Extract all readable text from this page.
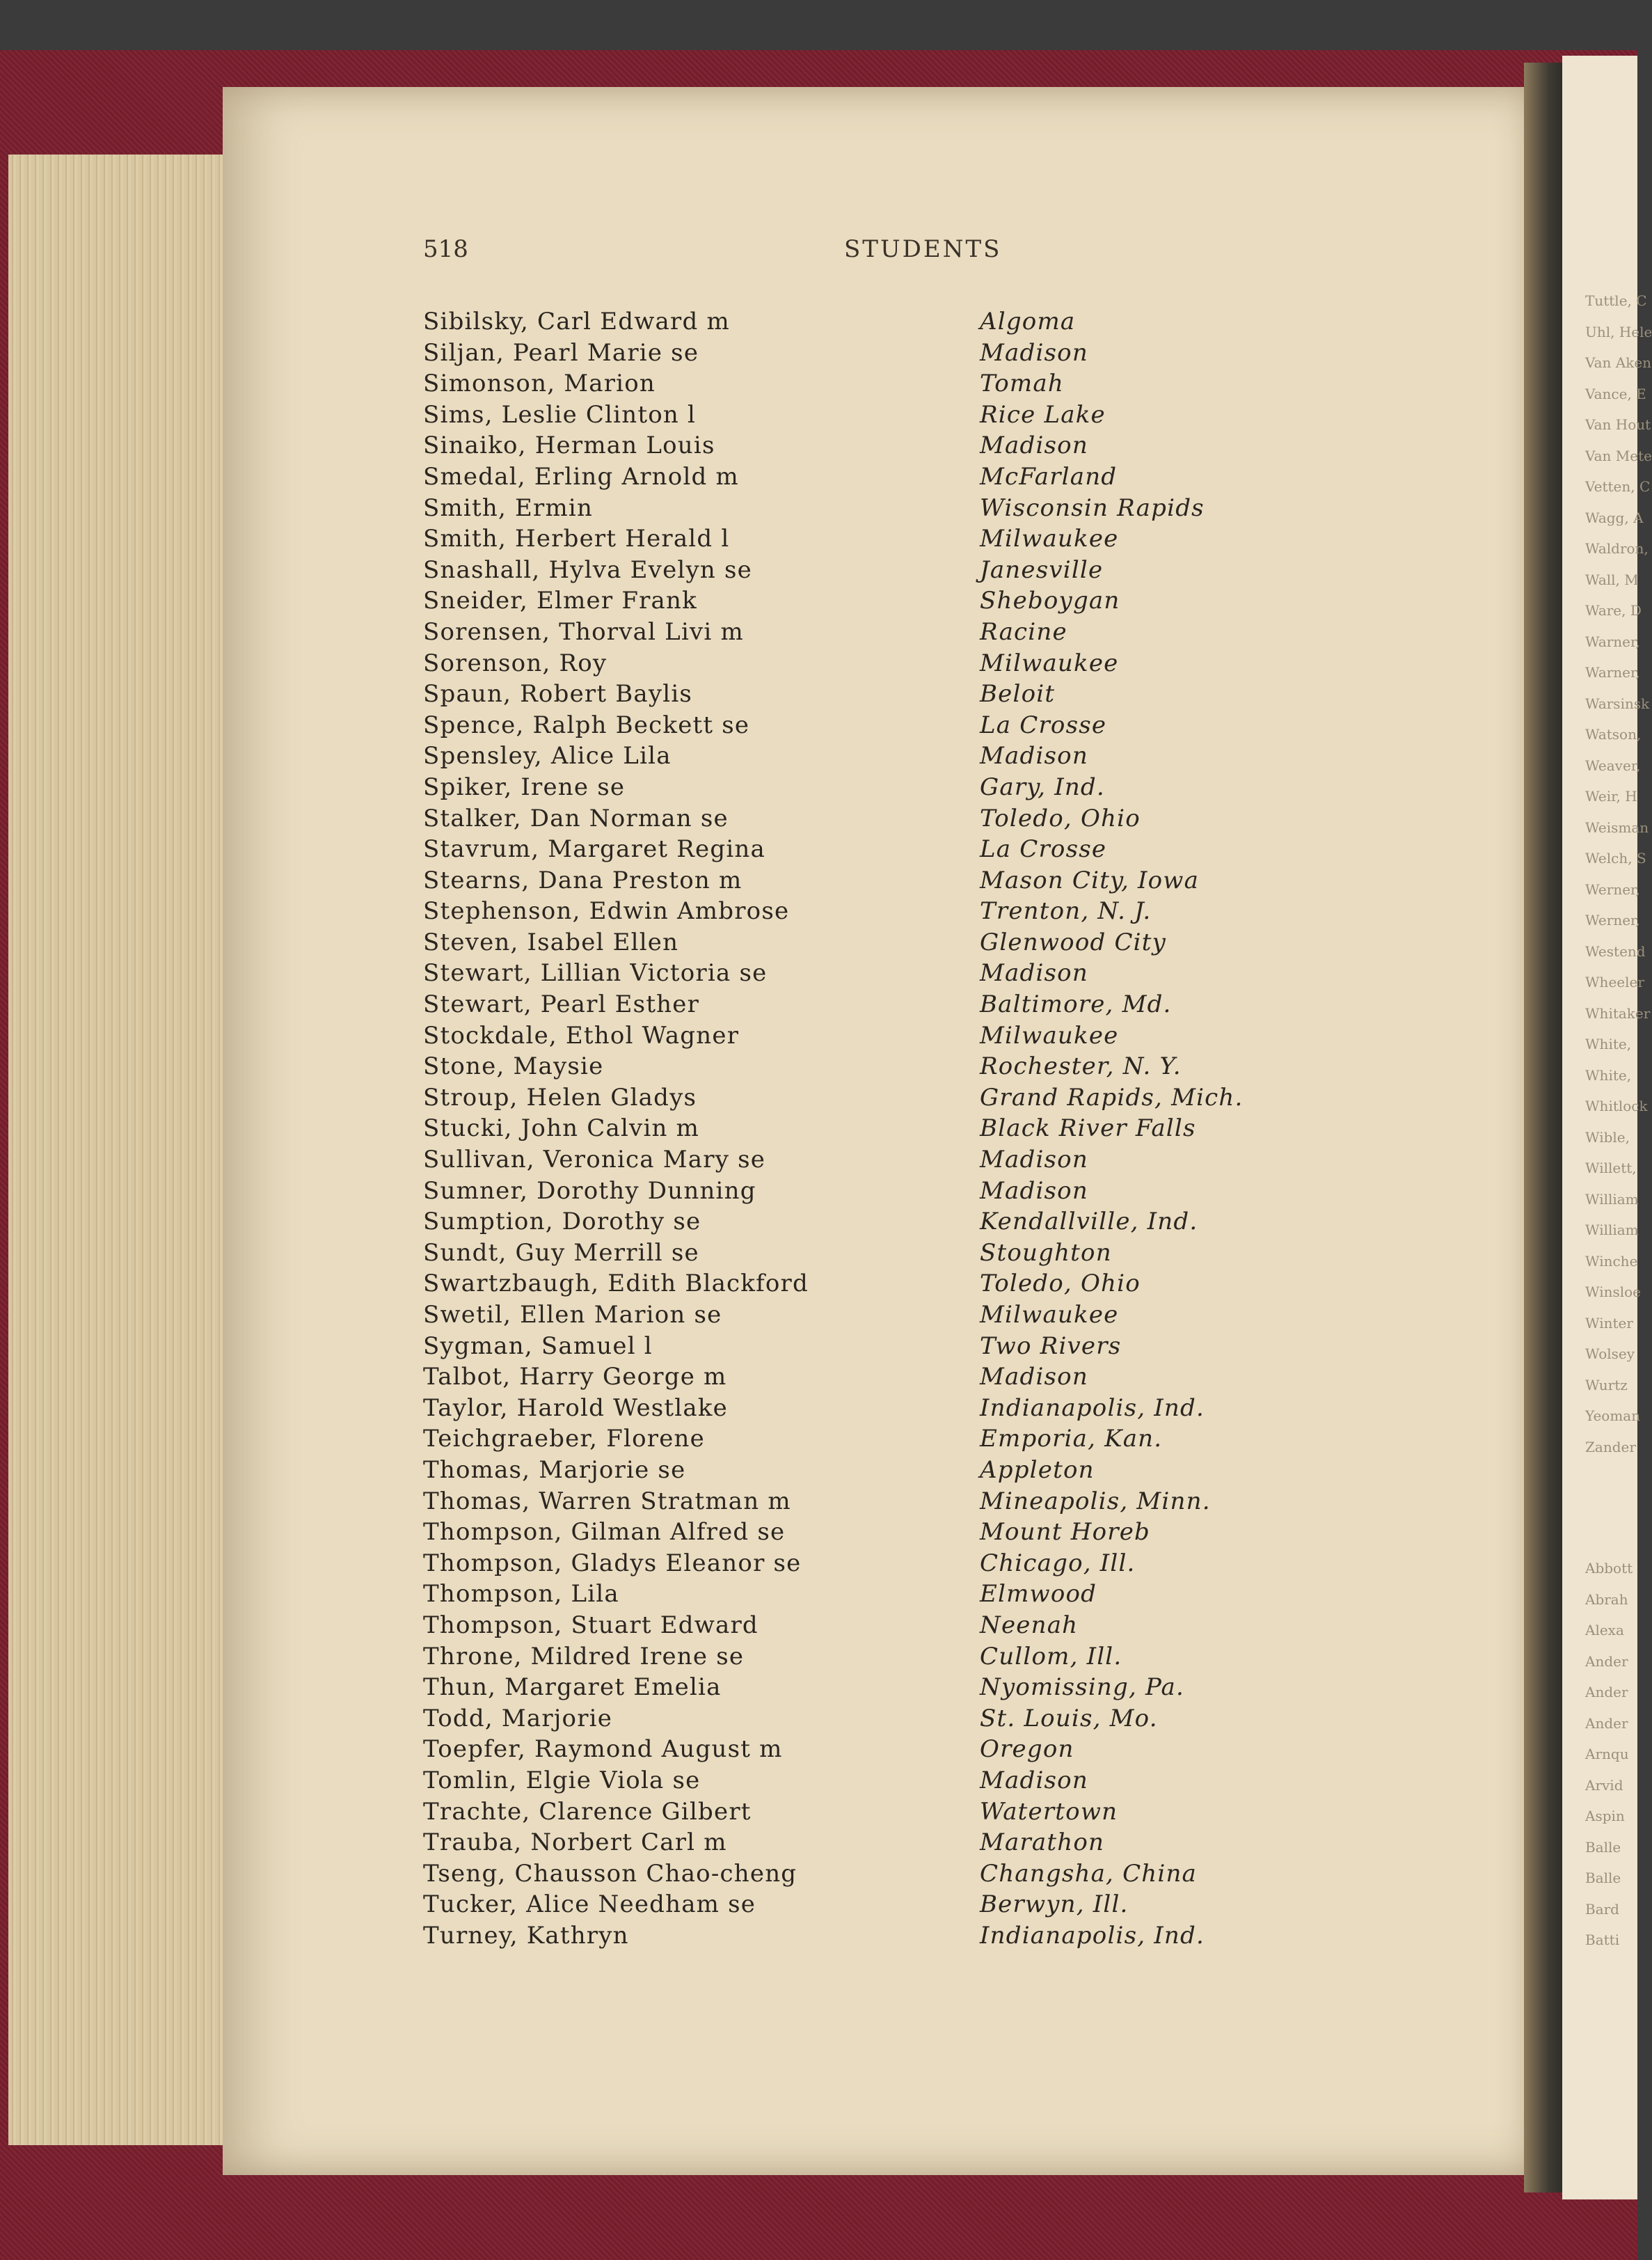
Tuttle, C
Uhl, Hele
Van Aken
Vance, E
Van Hout
Van Mete
Vetten, C
Wagg, A
Waldron,
Wall, M
Ware, D
Warner,
Warner,
Warsinsk
Watson,
Weaver,
Weir, H
Weisman
Welch, S
Werner,
Werner,
Westend
Wheeler
Whitaker
White,
White,
Whitlock
Wible,
Willett,
William
William
Winche
Winsloe
Winter
Wolsey
Wurtz
Yeoman
Zander
Abbott
Abrah
Alexa
Ander
Ander
Ander
Arnqu
Arvid
Aspin
Balle
Balle
Bard
Batti
518	STUDENTS
Sibilsky, Carl Edward m	Algoma
Siljan, Pearl Marie se	Madison
Simonson, Marion	Tomah
Sims, Leslie Clinton l	Rice Lake
Sinaiko, Herman Louis	Madison
Smedal, Erling Arnold m	McFarland
Smith, Ermin	Wisconsin Rapids
Smith, Herbert Herald l	Milwaukee
Snashall, Hylva Evelyn se	Janesville
Sneider, Elmer Frank	Sheboygan
Sorensen, Thorval Livi m	Racine
Sorenson, Roy	Milwaukee
Spaun, Robert Baylis	Beloit
Spence, Ralph Beckett se	La Crosse
Spensley, Alice Lila	Madison
Spiker, Irene se	Gary, Ind.
Stalker, Dan Norman se	Toledo, Ohio
Stavrum, Margaret Regina	La Crosse
Stearns, Dana Preston m	Mason City, Iowa
Stephenson, Edwin Ambrose	Trenton, N. J.
Steven, Isabel Ellen	Glenwood City
Stewart, Lillian Victoria se	Madison
Stewart, Pearl Esther	Baltimore, Md.
Stockdale, Ethol Wagner	Milwaukee
Stone, Maysie	Rochester, N. Y.
Stroup, Helen Gladys	Grand Rapids, Mich.
Stucki, John Calvin m	Black River Falls
Sullivan, Veronica Mary se	Madison
Sumner, Dorothy Dunning	Madison
Sumption, Dorothy se	Kendallville, Ind.
Sundt, Guy Merrill se	Stoughton
Swartzbaugh, Edith Blackford	Toledo, Ohio
Swetil, Ellen Marion se	Milwaukee
Sygman, Samuel l	Two Rivers
Talbot, Harry George m	Madison
Taylor, Harold Westlake	Indianapolis, Ind.
Teichgraeber, Florene	Emporia, Kan.
Thomas, Marjorie se	Appleton
Thomas, Warren Stratman m	Mineapolis, Minn.
Thompson, Gilman Alfred se	Mount Horeb
Thompson, Gladys Eleanor se	Chicago, Ill.
Thompson, Lila	Elmwood
Thompson, Stuart Edward	Neenah
Throne, Mildred Irene se	Cullom, Ill.
Thun, Margaret Emelia	Nyomissing, Pa.
Todd, Marjorie	St. Louis, Mo.
Toepfer, Raymond August m	Oregon
Tomlin, Elgie Viola se	Madison
Trachte, Clarence Gilbert	Watertown
Trauba, Norbert Carl m	Marathon
Tseng, Chausson Chao-cheng	Changsha, China
Tucker, Alice Needham se	Berwyn, Ill.
Turney, Kathryn	Indianapolis, Ind.
